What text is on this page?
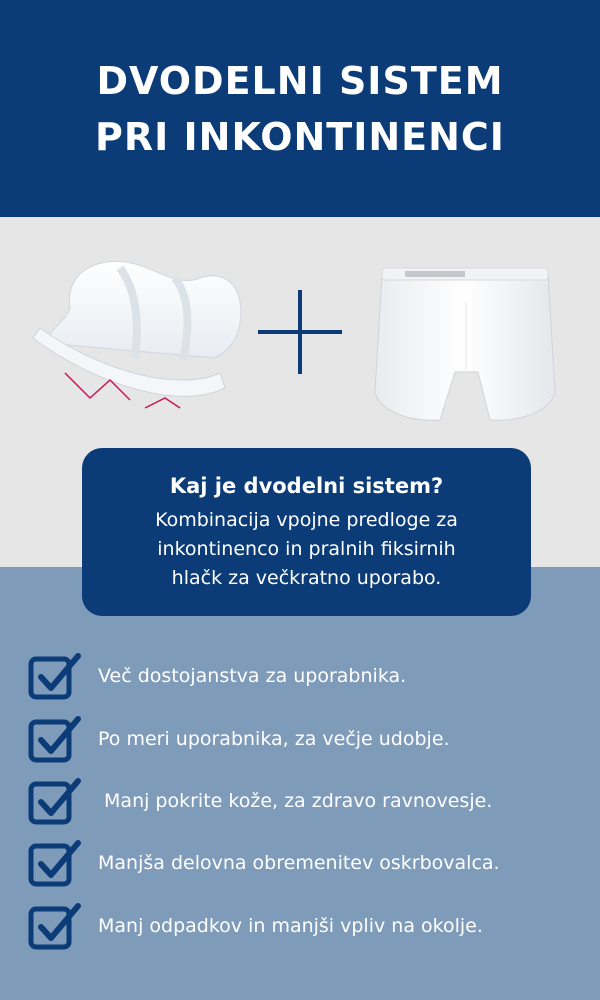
DVODELNI SISTEM
PRI INKONTINENCI
Kaj je dvodelni sistem?
Kombinacija vpojne predloge za
inkontinenco in pralnih fiksirnih
hlačk za večkratno uporabo.
Več dostojanstva za uporabnika.
Po meri uporabnika, za večje udobje.
Manj pokrite kože, za zdravo ravnovesje.
Manjša delovna obremenitev oskrbovalca.
Manj odpadkov in manjši vpliv na okolje.
